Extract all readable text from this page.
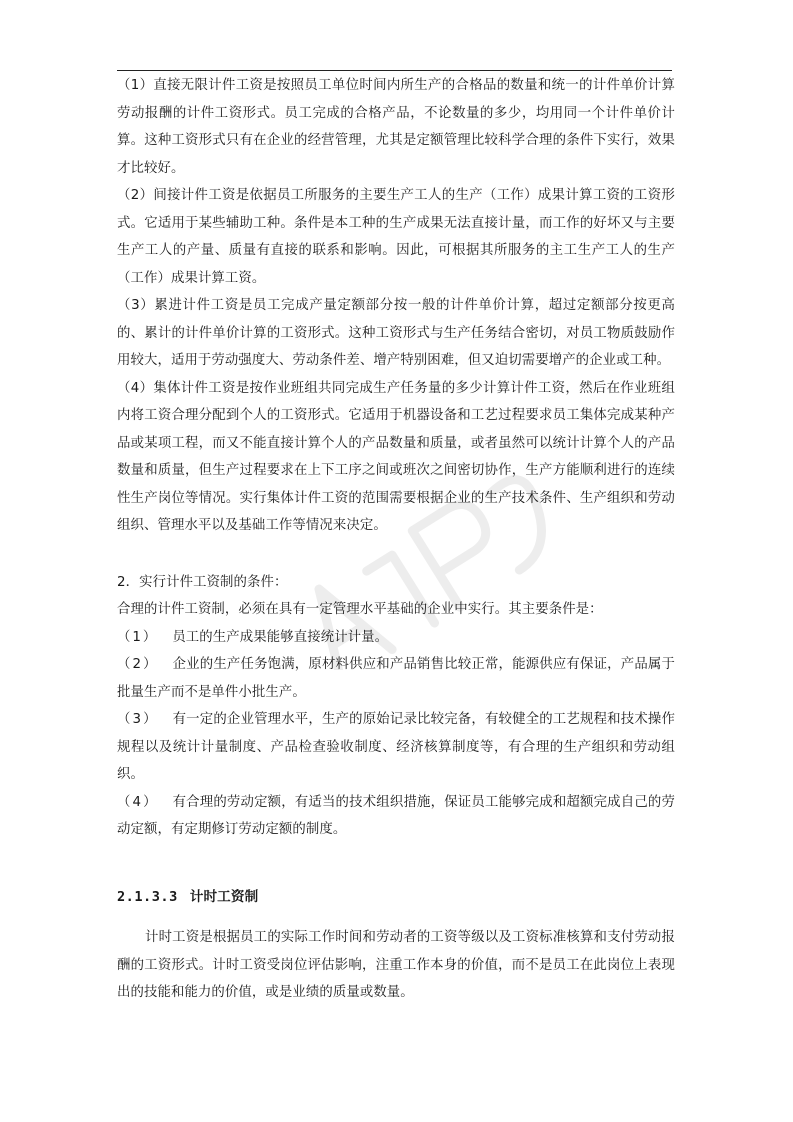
（1）直接无限计件工资是按照员工单位时间内所生产的合格品的数量和统一的计件单价计算劳动报酬的计件工资形式。员工完成的合格产品，不论数量的多少，均用同一个计件单价计算。这种工资形式只有在企业的经营管理，尤其是定额管理比较科学合理的条件下实行，效果才比较好。

（2）间接计件工资是依据员工所服务的主要生产工人的生产（工作）成果计算工资的工资形式。它适用于某些辅助工种。条件是本工种的生产成果无法直接计量，而工作的好坏又与主要生产工人的产量、质量有直接的联系和影响。因此，可根据其所服务的主工生产工人的生产（工作）成果计算工资。

（3）累进计件工资是员工完成产量定额部分按一般的计件单价计算，超过定额部分按更高的、累计的计件单价计算的工资形式。这种工资形式与生产任务结合密切，对员工物质鼓励作用较大，适用于劳动强度大、劳动条件差、增产特别困难，但又迫切需要增产的企业或工种。

（4）集体计件工资是按作业班组共同完成生产任务量的多少计算计件工资，然后在作业班组内将工资合理分配到个人的工资形式。它适用于机器设备和工艺过程要求员工集体完成某种产品或某项工程，而又不能直接计算个人的产品数量和质量，或者虽然可以统计计算个人的产品数量和质量，但生产过程要求在上下工序之间或班次之间密切协作，生产方能顺利进行的连续性生产岗位等情况。实行集体计件工资的范围需要根据企业的生产技术条件、生产组织和劳动组织、管理水平以及基础工作等情况来决定。

2．实行计件工资制的条件：

合理的计件工资制，必须在具有一定管理水平基础的企业中实行。其主要条件是：

（1） 员工的生产成果能够直接统计计量。

（2） 企业的生产任务饱满，原材料供应和产品销售比较正常，能源供应有保证，产品属于批量生产而不是单件小批生产。

（3） 有一定的企业管理水平，生产的原始记录比较完备，有较健全的工艺规程和技术操作规程以及统计计量制度、产品检查验收制度、经济核算制度等，有合理的生产组织和劳动组织。

（4） 有合理的劳动定额，有适当的技术组织措施，保证员工能够完成和超额完成自己的劳动定额，有定期修订劳动定额的制度。

2.1.3.3 计时工资制

计时工资是根据员工的实际工作时间和劳动者的工资等级以及工资标准核算和支付劳动报酬的工资形式。计时工资受岗位评估影响，注重工作本身的价值，而不是员工在此岗位上表现出的技能和能力的价值，或是业绩的质量或数量。
